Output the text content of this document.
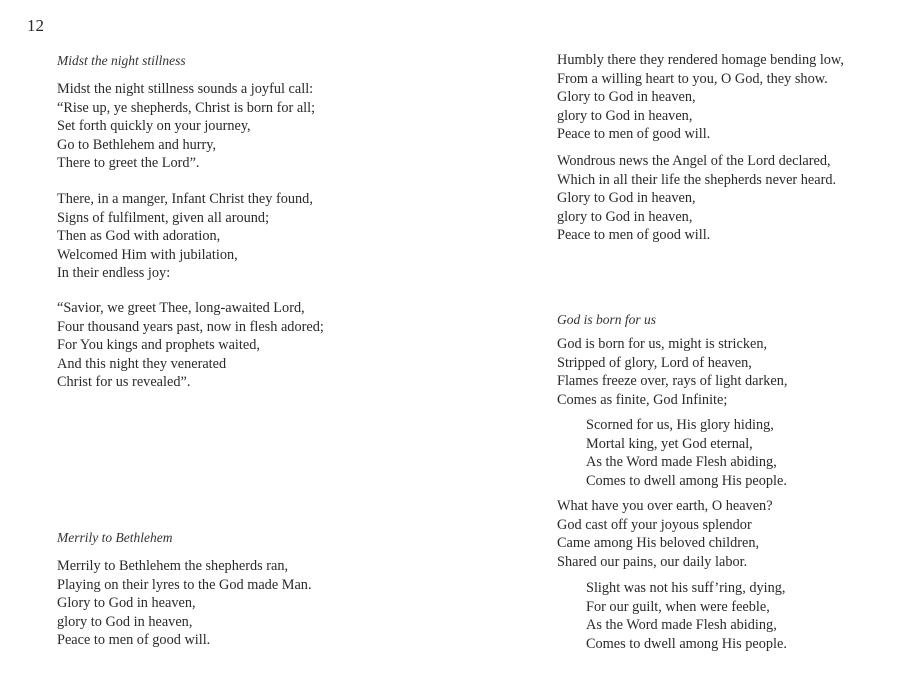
12
Midst the night stillness
Midst the night stillness sounds a joyful call:
“Rise up, ye shepherds, Christ is born for all;
Set forth quickly on your journey,
Go to Bethlehem and hurry,
There to greet the Lord”.
There, in a manger, Infant Christ they found,
Signs of fulfilment, given all around;
Then as God with adoration,
Welcomed Him with jubilation,
In their endless joy:
“Savior, we greet Thee, long-awaited Lord,
Four thousand years past, now in flesh adored;
For You kings and prophets waited,
And this night they venerated
Christ for us revealed”.
Merrily to Bethlehem
Merrily to Bethlehem the shepherds ran,
Playing on their lyres to the God made Man.
Glory to God in heaven,
glory to God in heaven,
Peace to men of good will.
Humbly there they rendered homage bending low,
From a willing heart to you, O God, they show.
Glory to God in heaven,
glory to God in heaven,
Peace to men of good will.
Wondrous news the Angel of the Lord declared,
Which in all their life the shepherds never heard.
Glory to God in heaven,
glory to God in heaven,
Peace to men of good will.
God is born for us
God is born for us, might is stricken,
Stripped of glory, Lord of heaven,
Flames freeze over, rays of light darken,
Comes as finite, God Infinite;
Scorned for us, His glory hiding,
Mortal king, yet God eternal,
As the Word made Flesh abiding,
Comes to dwell among His people.
What have you over earth, O heaven?
God cast off your joyous splendor
Came among His beloved children,
Shared our pains, our daily labor.
Slight was not his suff’ring, dying,
For our guilt, when were feeble,
As the Word made Flesh abiding,
Comes to dwell among His people.
